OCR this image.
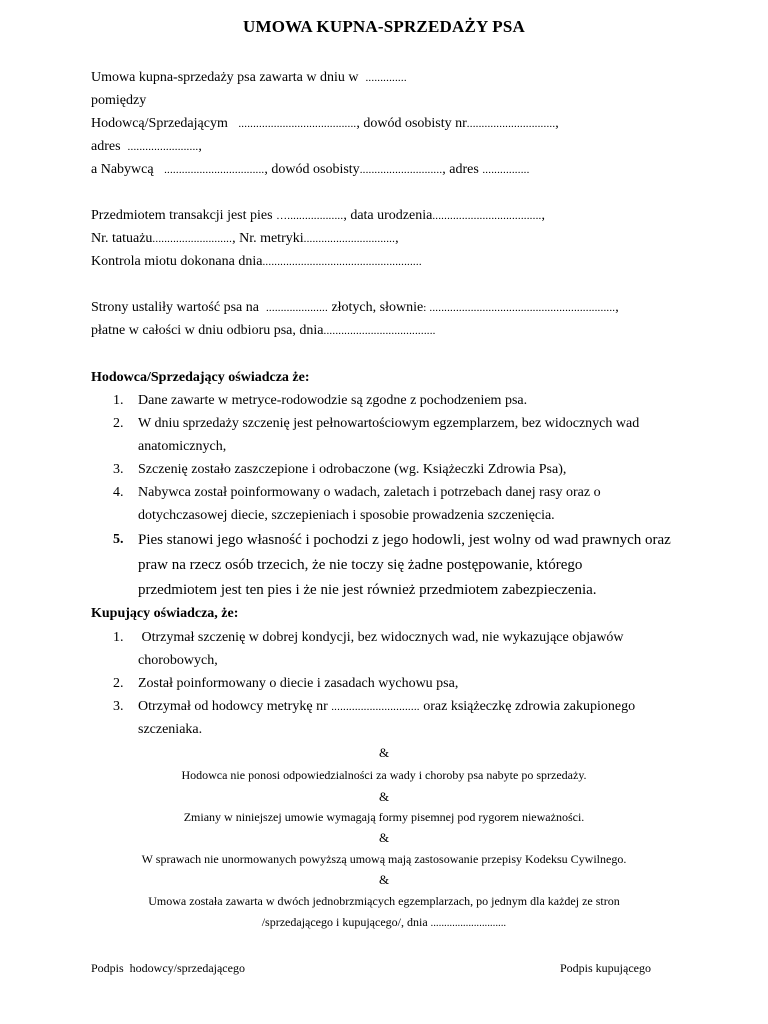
UMOWA KUPNA-SPRZEDAŻY PSA
Umowa kupna-sprzedaży psa zawarta w dniu w ..............
pomiędzy
Hodowcą/Sprzedającym ........................................, dowód osobisty nr..............................,
adres ........................,
a Nabywcą .................................., dowód osobisty............................, adres ................
Przedmiotem transakcji jest pies …..................., data urodzenia.....................................,
Nr. tatuażu..........................., Nr. metryki...............................,
Kontrola miotu dokonana dnia......................................................
Strony ustaliły wartość psa na ..................... złotych, słownie: ...............................................................,
płatne w całości w dniu odbioru psa, dnia......................................
Hodowca/Sprzedający oświadcza że:
1. Dane zawarte w metryce-rodowodzie są zgodne z pochodzeniem psa.
2. W dniu sprzedaży szczenię jest pełnowartościowym egzemplarzem, bez widocznych wad
anatomicznych,
3. Szczenię zostało zaszczepione i odrobaczone (wg. Książeczki Zdrowia Psa),
4. Nabywca został poinformowany o wadach, zaletach i potrzebach danej rasy oraz o
dotychczasowej diecie, szczepieniach i sposobie prowadzenia szczenięcia.
5. Pies stanowi jego własność i pochodzi z jego hodowli, jest wolny od wad prawnych oraz
praw na rzecz osób trzecich, że nie toczy się żadne postępowanie, którego
przedmiotem jest ten pies i że nie jest również przedmiotem zabezpieczenia.
Kupujący oświadcza, że:
1. Otrzymał szczenię w dobrej kondycji, bez widocznych wad, nie wykazujące objawów
chorobowych,
2. Został poinformowany o diecie i zasadach wychowu psa,
3. Otrzymał od hodowcy metrykę nr .............................. oraz książeczkę zdrowia zakupionego
szczeniaka.
&
Hodowca nie ponosi odpowiedzialności za wady i choroby psa nabyte po sprzedaży.
&
Zmiany w niniejszej umowie wymagają formy pisemnej pod rygorem nieważności.
&
W sprawach nie unormowanych powyższą umową mają zastosowanie przepisy Kodeksu Cywilnego.
&
Umowa została zawarta w dwóch jednobrzmiących egzemplarzach, po jednym dla każdej ze stron
/sprzedającego i kupującego/, dnia ............................
Podpis  hodowcy/sprzedającego	Podpis kupującego
